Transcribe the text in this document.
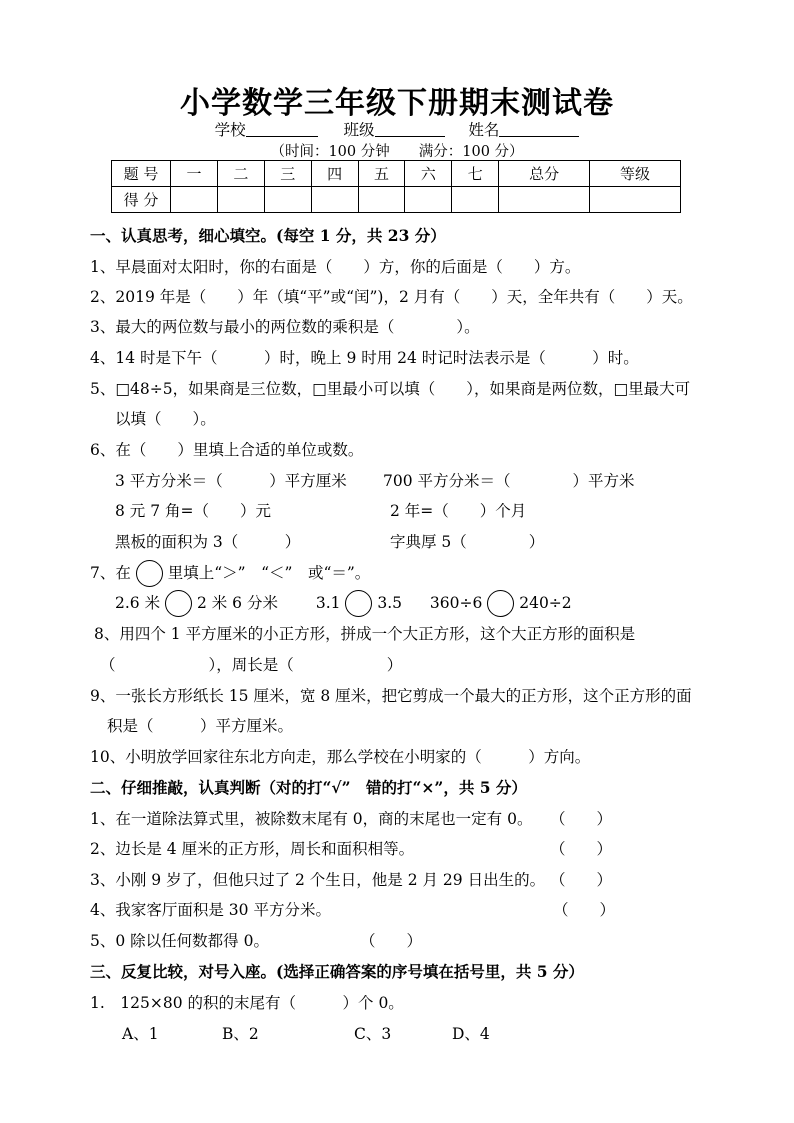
小学数学三年级下册期末测试卷
学校	班级	姓名
（时间：100 分钟　　满分：100 分）
题 号	一	二	三	四	五	六	七	总分	等级
得 分									
一、认真思考，细心填空。(每空 1 分，共 23 分）
1、早晨面对太阳时，你的右面是（　　）方，你的后面是（　　）方。
2、2019 年是（　　）年（填“平”或“闰”)，2 月有（　　）天，全年共有（　　）天。
3、最大的两位数与最小的两位数的乘积是（　　　　）。
4、14 时是下午（　　　）时，晚上 9 时用 24 时记时法表示是（　　　）时。
5、□48÷5，如果商是三位数，□里最小可以填（　　），如果商是两位数，□里最大可
以填（　　）。
6、在（　　）里填上合适的单位或数。
3 平方分米＝（　　　）平方厘米 700 平方分米＝（　　　　）平方米
8 元 7 角=（　　）元	2 年=（　　）个月
黑板的面积为 3（　　　）	字典厚 5（　　　　）
7、在 里填上“＞”　“＜”　或“＝”。
2.6 米 2 米 6 分米 3.1 3.5 360÷6 240÷2
8、用四个 1 平方厘米的小正方形，拼成一个大正方形，这个大正方形的面积是
（　　　　　　），周长是（　　　　　　）
9、一张长方形纸长 15 厘米，宽 8 厘米，把它剪成一个最大的正方形，这个正方形的面
积是（　　　）平方厘米。
10、小明放学回家往东北方向走，那么学校在小明家的（　　　）方向。
二、仔细推敲，认真判断（对的打“√”　错的打“×”，共 5 分）
1、在一道除法算式里，被除数末尾有 0，商的末尾也一定有 0。 （　　）
2、边长是 4 厘米的正方形，周长和面积相等。	（　　）
3、小刚 9 岁了，但他只过了 2 个生日，他是 2 月 29 日出生的。 （　　）
4、我家客厅面积是 30 平方分米。	（　　）
5、0 除以任何数都得 0。	（　　）
三、反复比较，对号入座。(选择正确答案的序号填在括号里，共 5 分）
1.　125×80 的积的末尾有（　　　）个 0。
A、1	B、2	C、3	D、4
